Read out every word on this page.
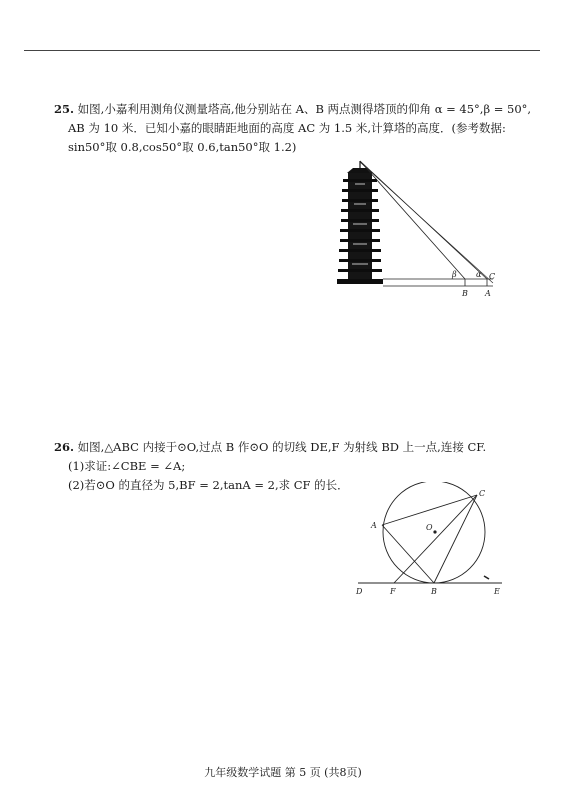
25. 如图,小嘉利用测角仪测量塔高,他分别站在 A、B 两点测得塔顶的仰角 α = 45°,β = 50°,
AB 为 10 米．已知小嘉的眼睛距地面的高度 AC 为 1.5 米,计算塔的高度．(参考数据:
sin50°取 0.8,cos50°取 0.6,tan50°取 1.2)
β α C
B A
26. 如图,△ABC 内接于⊙O,过点 B 作⊙O 的切线 DE,F 为射线 BD 上一点,连接 CF.
(1)求证:∠CBE = ∠A;
(2)若⊙O 的直径为 5,BF = 2,tanA = 2,求 CF 的长．
A
C
O
D	F	B	E
九年级数学试题 第 5 页 (共8页)
